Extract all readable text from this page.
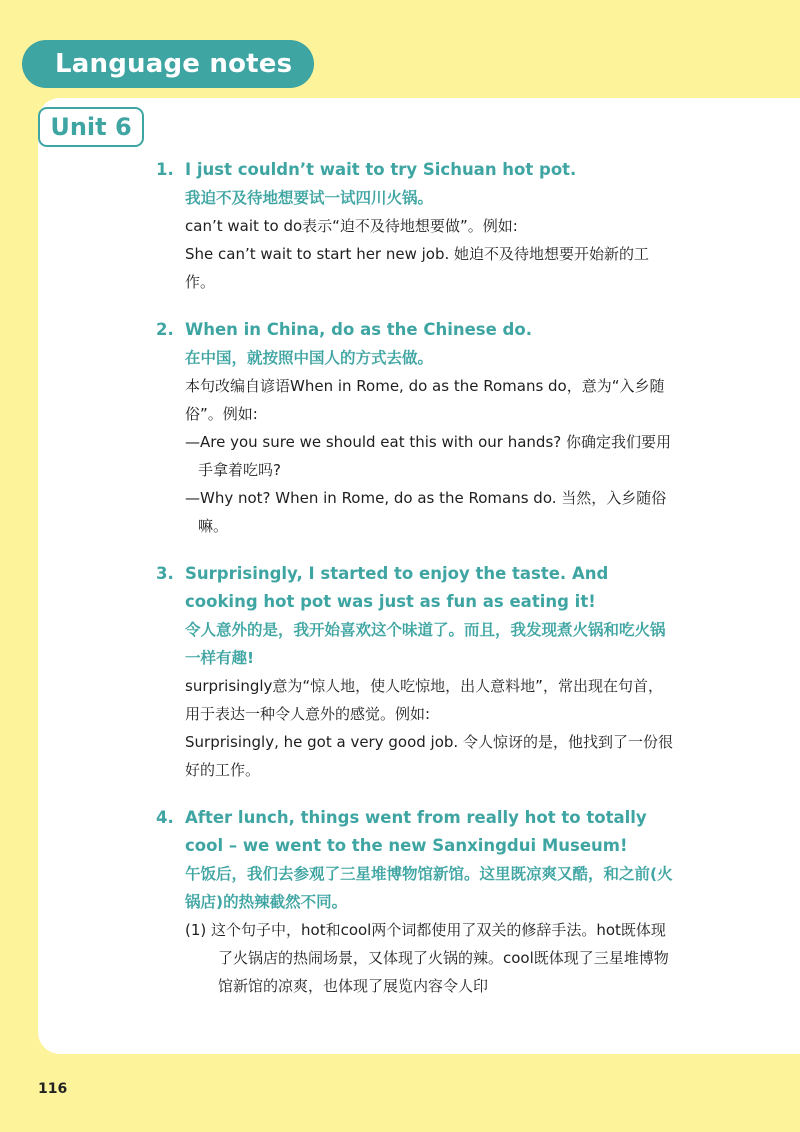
Language notes
Unit 6
1. I just couldn’t wait to try Sichuan hot pot.

我迫不及待地想要试一试四川火锅。

can’t wait to do表示“迫不及待地想要做”。例如:

She can’t wait to start her new job. 她迫不及待地想要开始新的工作。

2. When in China, do as the Chinese do.

在中国，就按照中国人的方式去做。

本句改编自谚语When in Rome, do as the Romans do，意为“入乡随俗”。例如:

—Are you sure we should eat this with our hands? 你确定我们要用手拿着吃吗?

—Why not? When in Rome, do as the Romans do. 当然，入乡随俗嘛。

3. Surprisingly, I started to enjoy the taste. And cooking hot pot was just as fun as eating it!

令人意外的是，我开始喜欢这个味道了。而且，我发现煮火锅和吃火锅一样有趣!

surprisingly意为“惊人地，使人吃惊地，出人意料地”，常出现在句首，用于表达一种令人意外的感觉。例如:

Surprisingly, he got a very good job. 令人惊讶的是，他找到了一份很好的工作。

4. After lunch, things went from really hot to totally cool – we went to the new Sanxingdui Museum!

午饭后，我们去参观了三星堆博物馆新馆。这里既凉爽又酷，和之前(火锅店)的热辣截然不同。

(1) 这个句子中，hot和cool两个词都使用了双关的修辞手法。hot既体现了火锅店的热闹场景，又体现了火锅的辣。cool既体现了三星堆博物馆新馆的凉爽，也体现了展览内容令人印

116
